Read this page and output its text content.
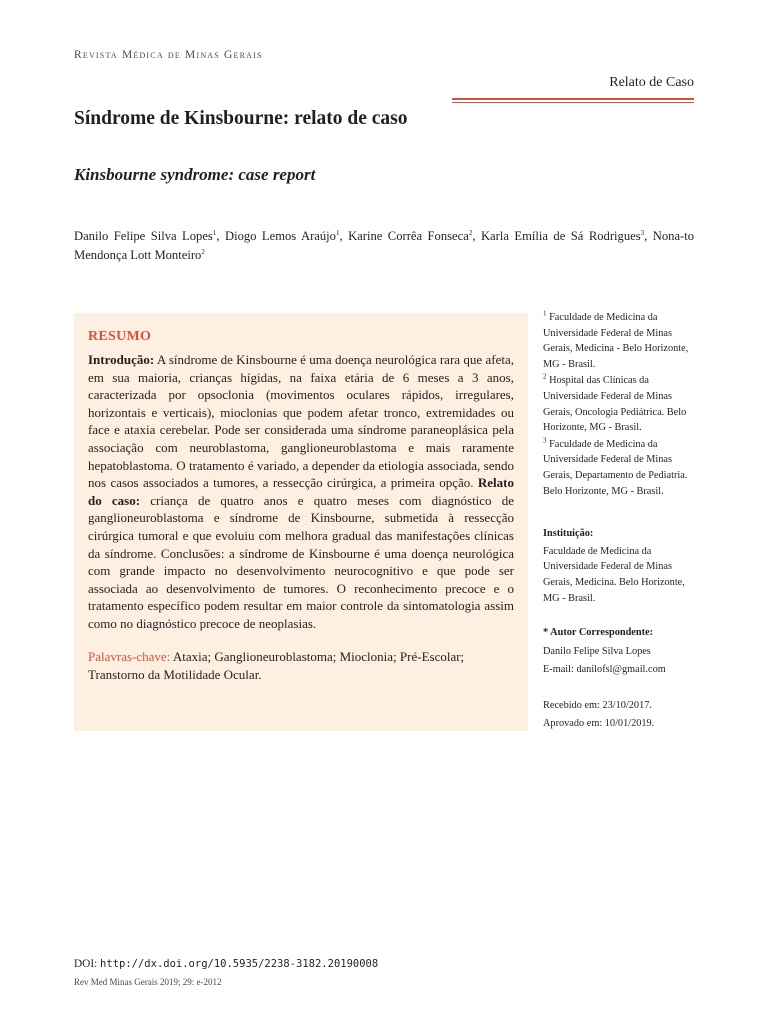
Revista Médica de Minas Gerais
Relato de Caso
Síndrome de Kinsbourne: relato de caso
Kinsbourne syndrome: case report

Danilo Felipe Silva Lopes$^1$, Diogo Lemos Araújo$^1$, Karine Corrêa Fonseca$^2$, Karla Emília de Sá Rodrigues$^3$, Nona-to Mendonça Lott Monteiro$^2$

RESUMO

Introdução: A síndrome de Kinsbourne é uma doença neurológica rara que afeta, em sua maioria, crianças hígidas, na faixa etária de 6 meses a 3 anos, caracterizada por opsoclonia (movimentos oculares rápidos, irregulares, horizontais e verticais), mioclonias que podem afetar tronco, extremidades ou face e ataxia cerebelar. Pode ser considerada uma síndrome paraneoplásica pela associação com neuroblastoma, ganglioneuroblastoma e mais raramente hepatoblastoma. O tratamento é variado, a depender da etiologia associada, sendo nos casos associados a tumores, a ressecção cirúrgica, a primeira opção. Relato do caso: criança de quatro anos e quatro meses com diagnóstico de ganglioneuroblastoma e síndrome de Kinsbourne, submetida à ressecção cirúrgica tumoral e que evoluiu com melhora gradual das manifestações clínicas da síndrome. Conclusões: a síndrome de Kinsbourne é uma doença neurológica com grande impacto no desenvolvimento neurocognitivo e que pode ser associada ao desenvolvimento de tumores. O reconhecimento precoce e o tratamento específico podem resultar em maior controle da sintomatologia assim como no diagnóstico precoce de neoplasias.

Palavras-chave: Ataxia; Ganglioneuroblastoma; Mioclonia; Pré-Escolar; Transtorno da Motilidade Ocular.

$^1$ Faculdade de Medicina da Universidade Federal de Minas Gerais, Medicina - Belo Horizonte, MG - Brasil.

$^2$ Hospital das Clínicas da Universidade Federal de Minas Gerais, Oncologia Pediátrica. Belo Horizonte, MG - Brasil.

$^3$ Faculdade de Medicina da Universidade Federal de Minas Gerais, Departamento de Pediatria. Belo Horizonte, MG - Brasil.

Instituição:

Faculdade de Medicina da Universidade Federal de Minas Gerais, Medicina. Belo Horizonte, MG - Brasil.

* Autor Correspondente:

Danilo Felipe Silva Lopes

E-mail: danilofsl@gmail.com

Recebido em: 23/10/2017.

Aprovado em: 10/01/2019.

DOI: http://dx.doi.org/10.5935/2238-3182.20190008
Rev Med Minas Gerais 2019; 29: e-2012
